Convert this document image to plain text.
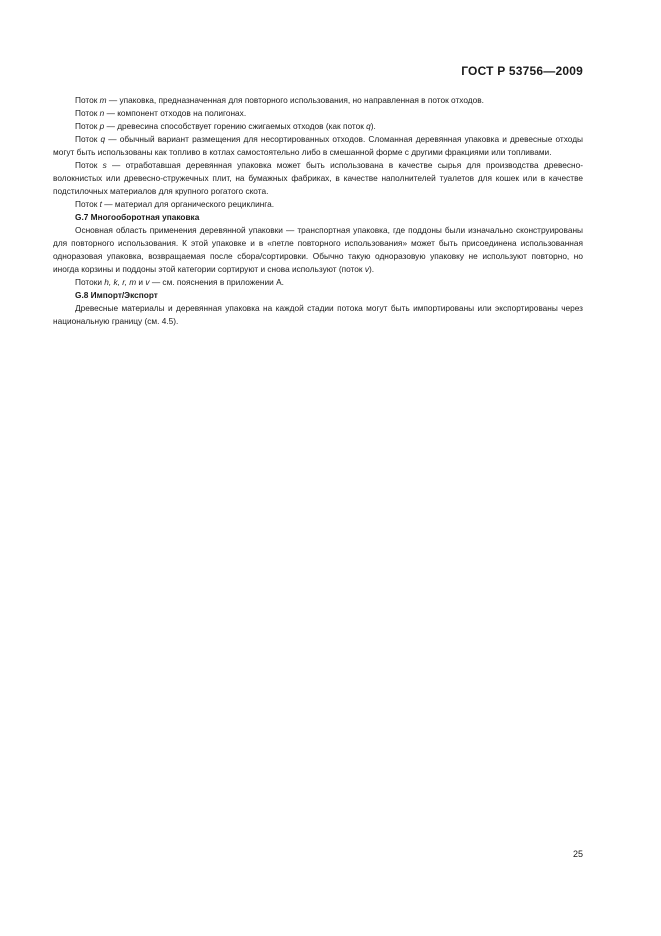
ГОСТ Р 53756—2009

Поток m — упаковка, предназначенная для повторного использования, но направленная в поток отходов.

Поток n — компонент отходов на полигонах.

Поток p — древесина способствует горению сжигаемых отходов (как поток q).

Поток q — обычный вариант размещения для несортированных отходов. Сломанная деревянная упаковка и древесные отходы могут быть использованы как топливо в котлах самостоятельно либо в смешанной форме с другими фракциями или топливами.

Поток s — отработавшая деревянная упаковка может быть использована в качестве сырья для производства древесно-волокнистых или древесно-стружечных плит, на бумажных фабриках, в качестве наполнителей туалетов для кошек или в качестве подстилочных материалов для крупного рогатого скота.

Поток t — материал для органического рециклинга.

G.7 Многооборотная упаковка

Основная область применения деревянной упаковки — транспортная упаковка, где поддоны были изначально сконструированы для повторного использования. К этой упаковке и в «петле повторного использования» может быть присоединена использованная одноразовая упаковка, возвращаемая после сбора/сортировки. Обычно такую одноразовую упаковку не используют повторно, но иногда корзины и поддоны этой категории сортируют и снова используют (поток v).

Потоки h, k, r, m и v — см. пояснения в приложении А.

G.8 Импорт/Экспорт

Древесные материалы и деревянная упаковка на каждой стадии потока могут быть импортированы или экспортированы через национальную границу (см. 4.5).

25
